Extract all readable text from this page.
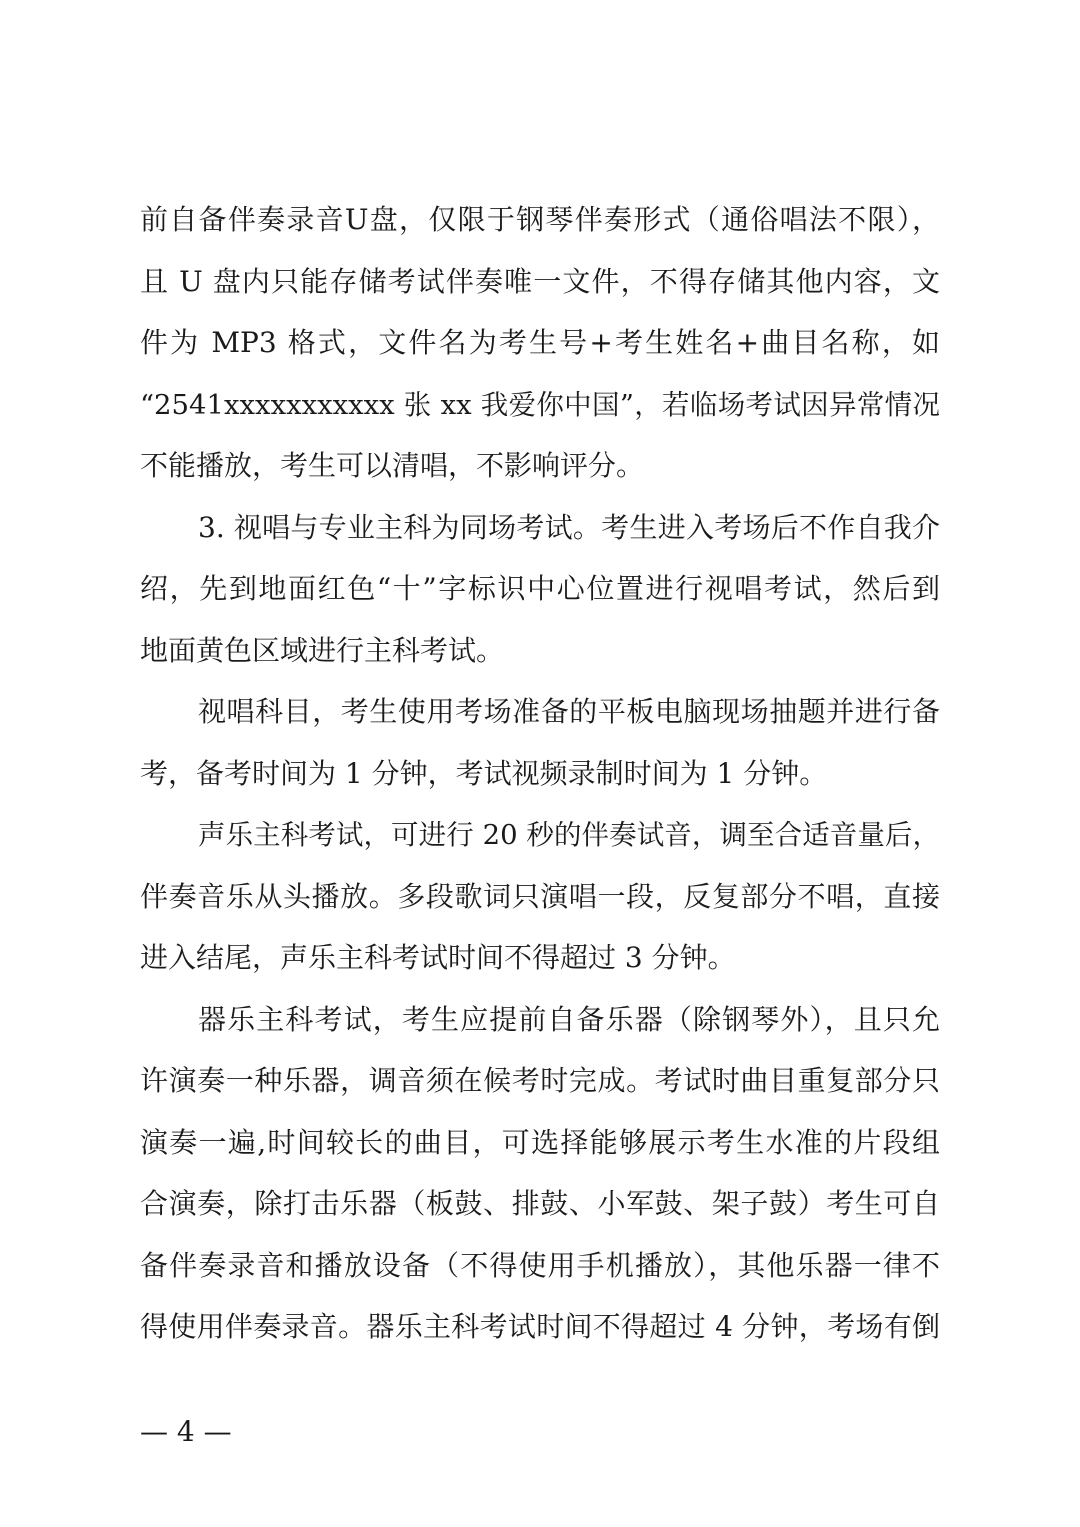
前自备伴奏录音U盘，仅限于钢琴伴奏形式（通俗唱法不限），
且 U 盘内只能存储考试伴奏唯一文件，不得存储其他内容，文
件为 MP3 格式，文件名为考生号+考生姓名+曲目名称，如
“2541xxxxxxxxxxx 张 xx 我爱你中国”，若临场考试因异常情况
不能播放，考生可以清唱，不影响评分。
3. 视唱与专业主科为同场考试。考生进入考场后不作自我介
绍，先到地面红色“十”字标识中心位置进行视唱考试，然后到
地面黄色区域进行主科考试。
视唱科目，考生使用考场准备的平板电脑现场抽题并进行备
考，备考时间为 1 分钟，考试视频录制时间为 1 分钟。
声乐主科考试，可进行 20 秒的伴奏试音，调至合适音量后，
伴奏音乐从头播放。多段歌词只演唱一段，反复部分不唱，直接
进入结尾，声乐主科考试时间不得超过 3 分钟。
器乐主科考试，考生应提前自备乐器（除钢琴外），且只允
许演奏一种乐器，调音须在候考时完成。考试时曲目重复部分只
演奏一遍,时间较长的曲目，可选择能够展示考生水准的片段组
合演奏，除打击乐器（板鼓、排鼓、小军鼓、架子鼓）考生可自
备伴奏录音和播放设备（不得使用手机播放），其他乐器一律不
得使用伴奏录音。器乐主科考试时间不得超过 4 分钟，考场有倒
— 4 —
